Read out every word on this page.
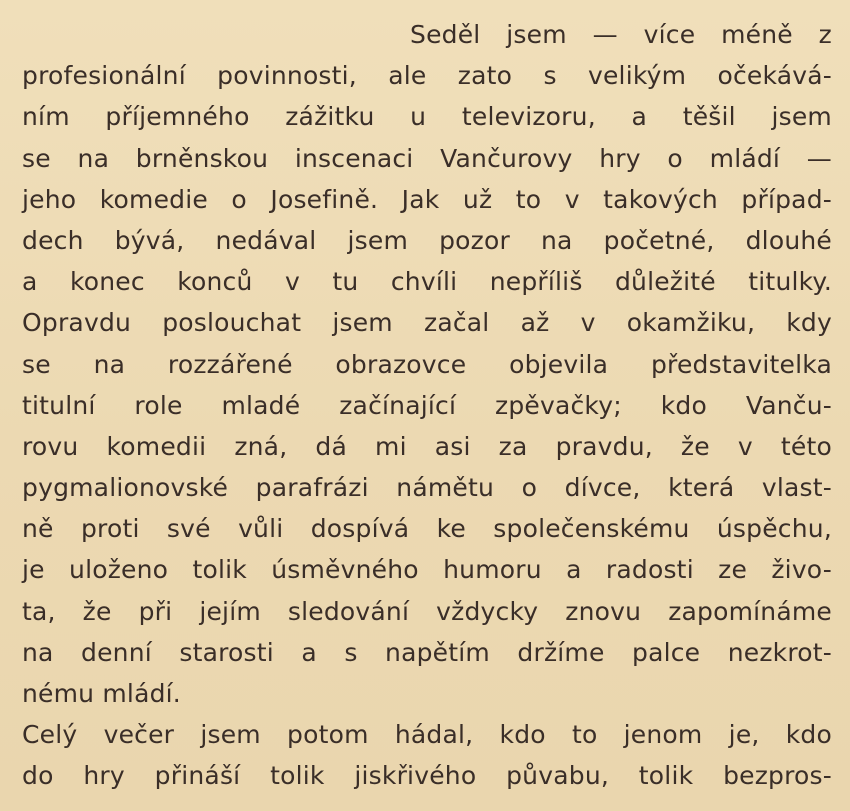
Seděl jsem — více méně z
profesionální povinnosti, ale zato s velikým očekává-
ním příjemného zážitku u televizoru, a těšil jsem
se na brněnskou inscenaci Vančurovy hry o mládí —
jeho komedie o Josefině. Jak už to v takových případ-
dech bývá, nedával jsem pozor na početné, dlouhé
a konec konců v tu chvíli nepříliš důležité titulky.
Opravdu poslouchat jsem začal až v okamžiku, kdy
se na rozzářené obrazovce objevila představitelka
titulní role mladé začínající zpěvačky; kdo Vanču-
rovu komedii zná, dá mi asi za pravdu, že v této
pygmalionovské parafrázi námětu o dívce, která vlast-
ně proti své vůli dospívá ke společenskému úspěchu,
je uloženo tolik úsměvného humoru a radosti ze živo-
ta, že při jejím sledování vždycky znovu zapomínáme
na denní starosti a s napětím držíme palce nezkrot-
nému mládí.
Celý večer jsem potom hádal, kdo to jenom je, kdo
do hry přináší tolik jiskřivého půvabu, tolik bezpros-
